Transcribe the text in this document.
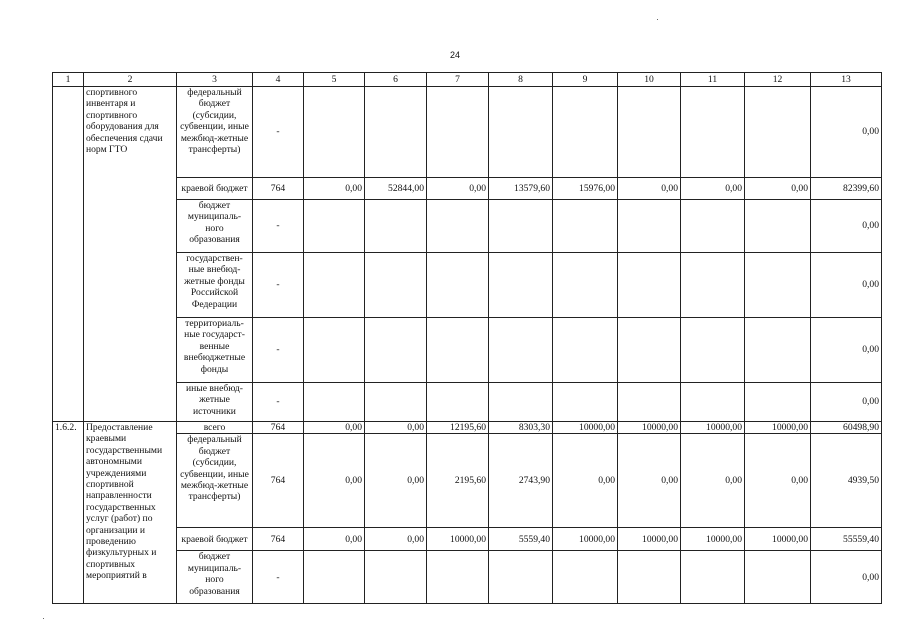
24
1	2	3	4	5	6	7	8	9	10	11	12	13
	спортивного инвентаря и спортивного оборудования для обеспечения сдачи норм ГТО	федеральный бюджет (субсидии, субвенции, иные межбюд-жетные трансферты)	-									0,00
		краевой бюджет	764	0,00	52844,00	0,00	13579,60	15976,00	0,00	0,00	0,00	82399,60
		бюджет муниципаль-ного образования	-									0,00
		государствен-ные внебюд-жетные фонды Российской Федерации	-									0,00
		территориаль-ные государст-венные внебюджетные фонды	-									0,00
		иные внебюд-жетные источники	-									0,00
1.6.2.	Предоставление краевыми государственными автономными учреждениями спортивной направленности государственных услуг (работ) по организации и проведению физкультурных и спортивных мероприятий в	всего	764	0,00	0,00	12195,60	8303,30	10000,00	10000,00	10000,00	10000,00	60498,90
		федеральный бюджет (субсидии, субвенции, иные межбюд-жетные трансферты)	764	0,00	0,00	2195,60	2743,90	0,00	0,00	0,00	0,00	4939,50
		краевой бюджет	764	0,00	0,00	10000,00	5559,40	10000,00	10000,00	10000,00	10000,00	55559,40
		бюджет муниципаль-ного образования	-									0,00
